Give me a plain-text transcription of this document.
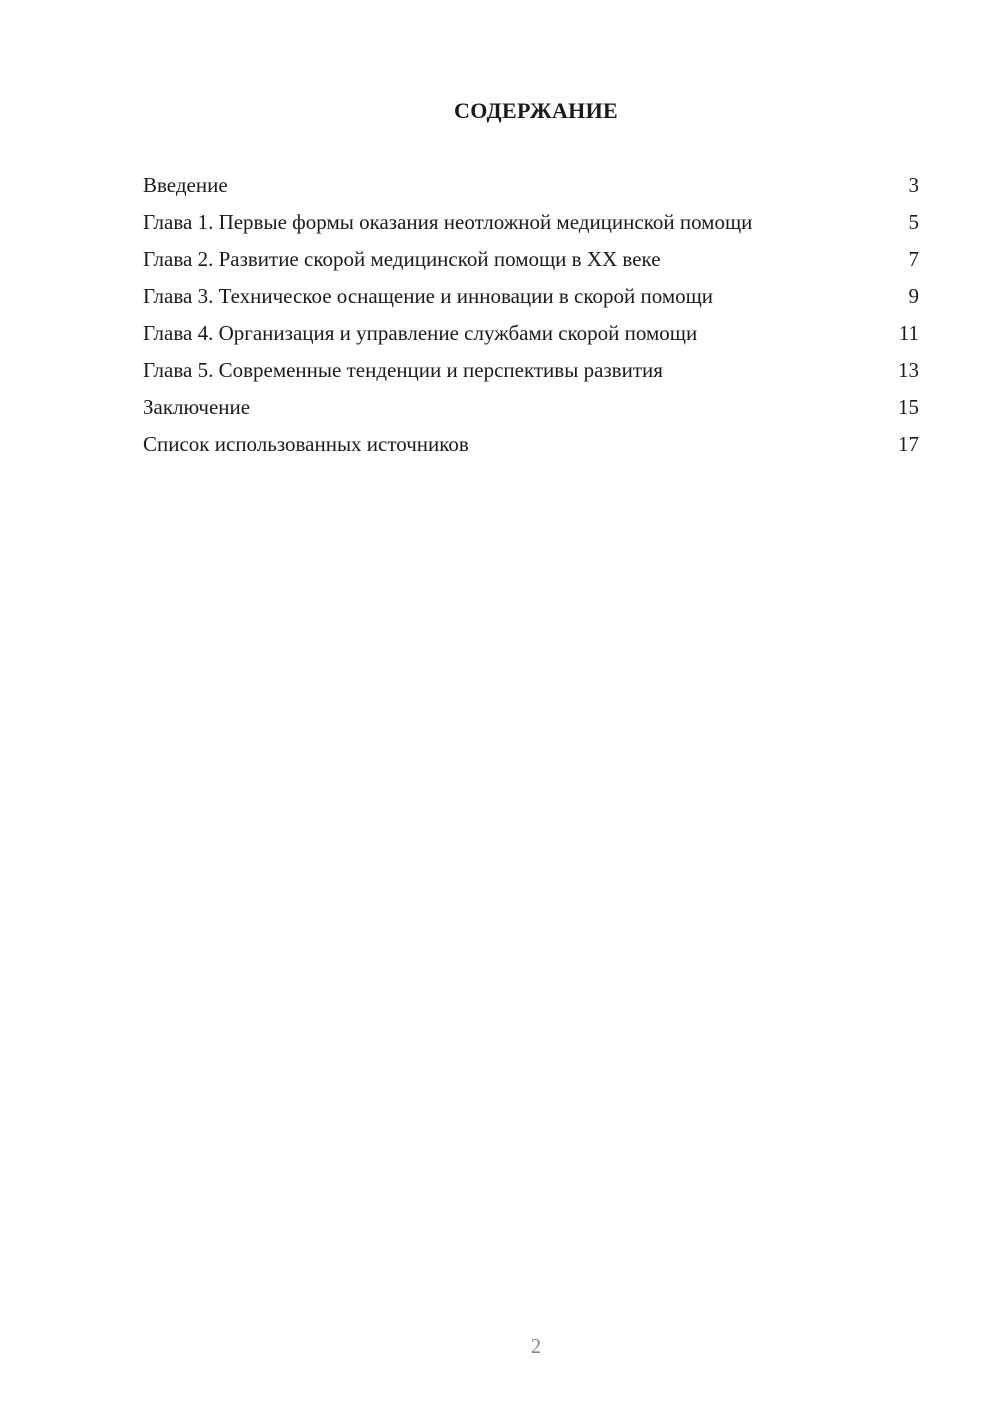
СОДЕРЖАНИЕ
Введение	3
Глава 1. Первые формы оказания неотложной медицинской помощи	5
Глава 2. Развитие скорой медицинской помощи в XX веке	7
Глава 3. Техническое оснащение и инновации в скорой помощи	9
Глава 4. Организация и управление службами скорой помощи	11
Глава 5. Современные тенденции и перспективы развития	13
Заключение	15
Список использованных источников	17
2
